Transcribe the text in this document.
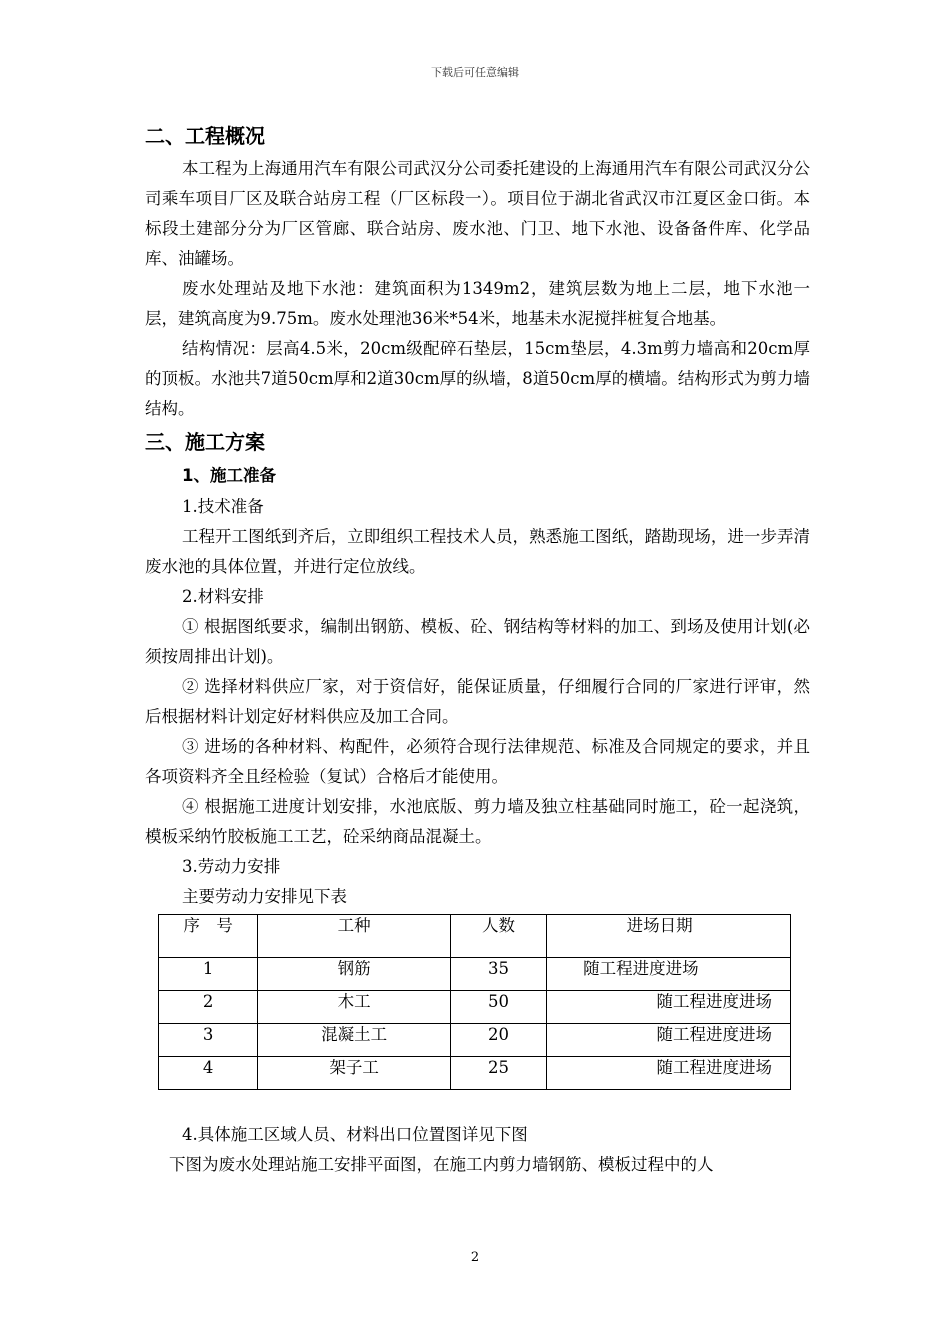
下载后可任意编辑
二、工程概况

本工程为上海通用汽车有限公司武汉分公司委托建设的上海通用汽车有限公司武汉分公司乘车项目厂区及联合站房工程（厂区标段一）。项目位于湖北省武汉市江夏区金口街。本标段土建部分分为厂区管廊、联合站房、废水池、门卫、地下水池、设备备件库、化学品库、油罐场。

废水处理站及地下水池：建筑面积为1349m2，建筑层数为地上二层，地下水池一层，建筑高度为9.75m。废水处理池36米*54米，地基未水泥搅拌桩复合地基。

结构情况：层高4.5米，20cm级配碎石垫层，15cm垫层，4.3m剪力墙高和20cm厚的顶板。水池共7道50cm厚和2道30cm厚的纵墙，8道50cm厚的横墙。结构形式为剪力墙结构。

三、施工方案
1、施工准备

1.技术准备

工程开工图纸到齐后，立即组织工程技术人员，熟悉施工图纸，踏勘现场，进一步弄清废水池的具体位置，并进行定位放线。

2.材料安排

① 根据图纸要求，编制出钢筋、模板、砼、钢结构等材料的加工、到场及使用计划(必须按周排出计划)。

② 选择材料供应厂家，对于资信好，能保证质量，仔细履行合同的厂家进行评审，然后根据材料计划定好材料供应及加工合同。

③ 进场的各种材料、构配件，必须符合现行法律规范、标准及合同规定的要求，并且各项资料齐全且经检验（复试）合格后才能使用。

④ 根据施工进度计划安排，水池底版、剪力墙及独立柱基础同时施工，砼一起浇筑，模板采纳竹胶板施工工艺，砼采纳商品混凝土。

3.劳动力安排

主要劳动力安排见下表

序　号	工种	人数	进场日期
1	钢筋	35	随工程进度进场
2	木工	50	随工程进度进场
3	混凝土工	20	随工程进度进场
4	架子工	25	随工程进度进场

4.具体施工区域人员、材料出口位置图详见下图

下图为废水处理站施工安排平面图，在施工内剪力墙钢筋、模板过程中的人

2
